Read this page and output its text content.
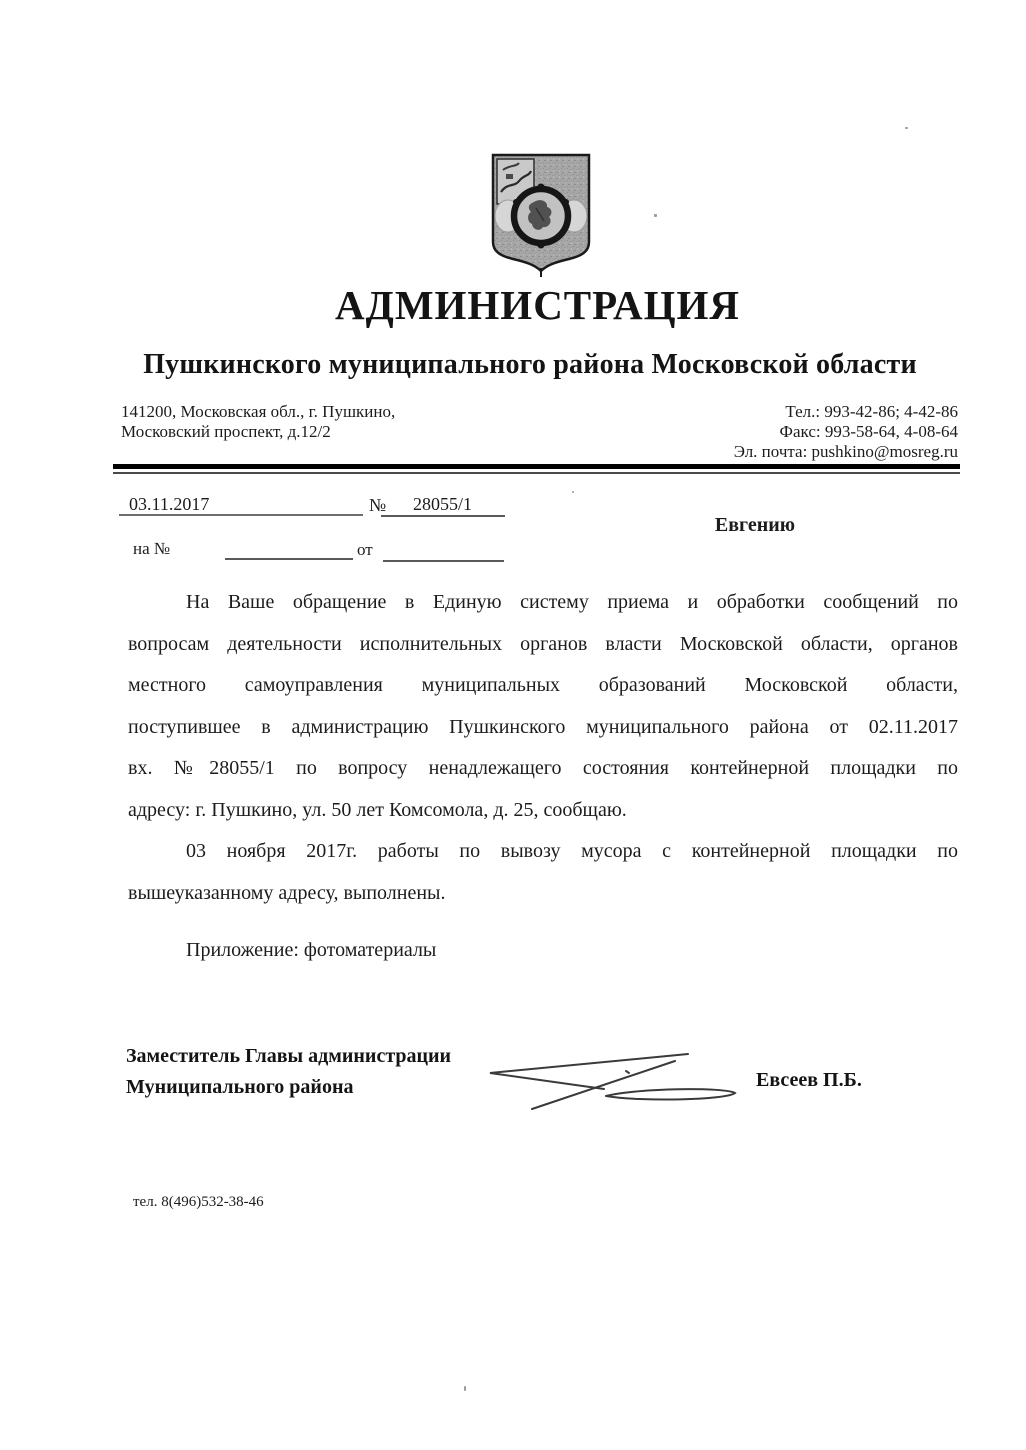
АДМИНИСТРАЦИЯ
Пушкинского муниципального района Московской области
141200, Московская обл., г. Пушкино,
Московский проспект, д.12/2
Тел.: 993-42-86; 4-42-86
Факс: 993-58-64, 4-08-64
Эл. почта: pushkino@mosreg.ru
03.11.2017	№ 28055/1
на №	от
Евгению
На Ваше обращение в Единую систему приема и обработки сообщений по
вопросам деятельности исполнительных органов власти Московской области, органов
местного самоуправления муниципальных образований Московской области,
поступившее в администрацию Пушкинского муниципального района от 02.11.2017
вх. №28055/1 по вопросу ненадлежащего состояния контейнерной площадки по
адресу: г. Пушкино, ул. 50 лет Комсомола, д. 25, сообщаю.
03 ноября 2017г. работы по вывозу мусора с контейнерной площадки по
вышеуказанному адресу, выполнены.
Приложение: фотоматериалы
Заместитель Главы администрации
Муниципального района	Евсеев П.Б.
тел. 8(496)532-38-46
